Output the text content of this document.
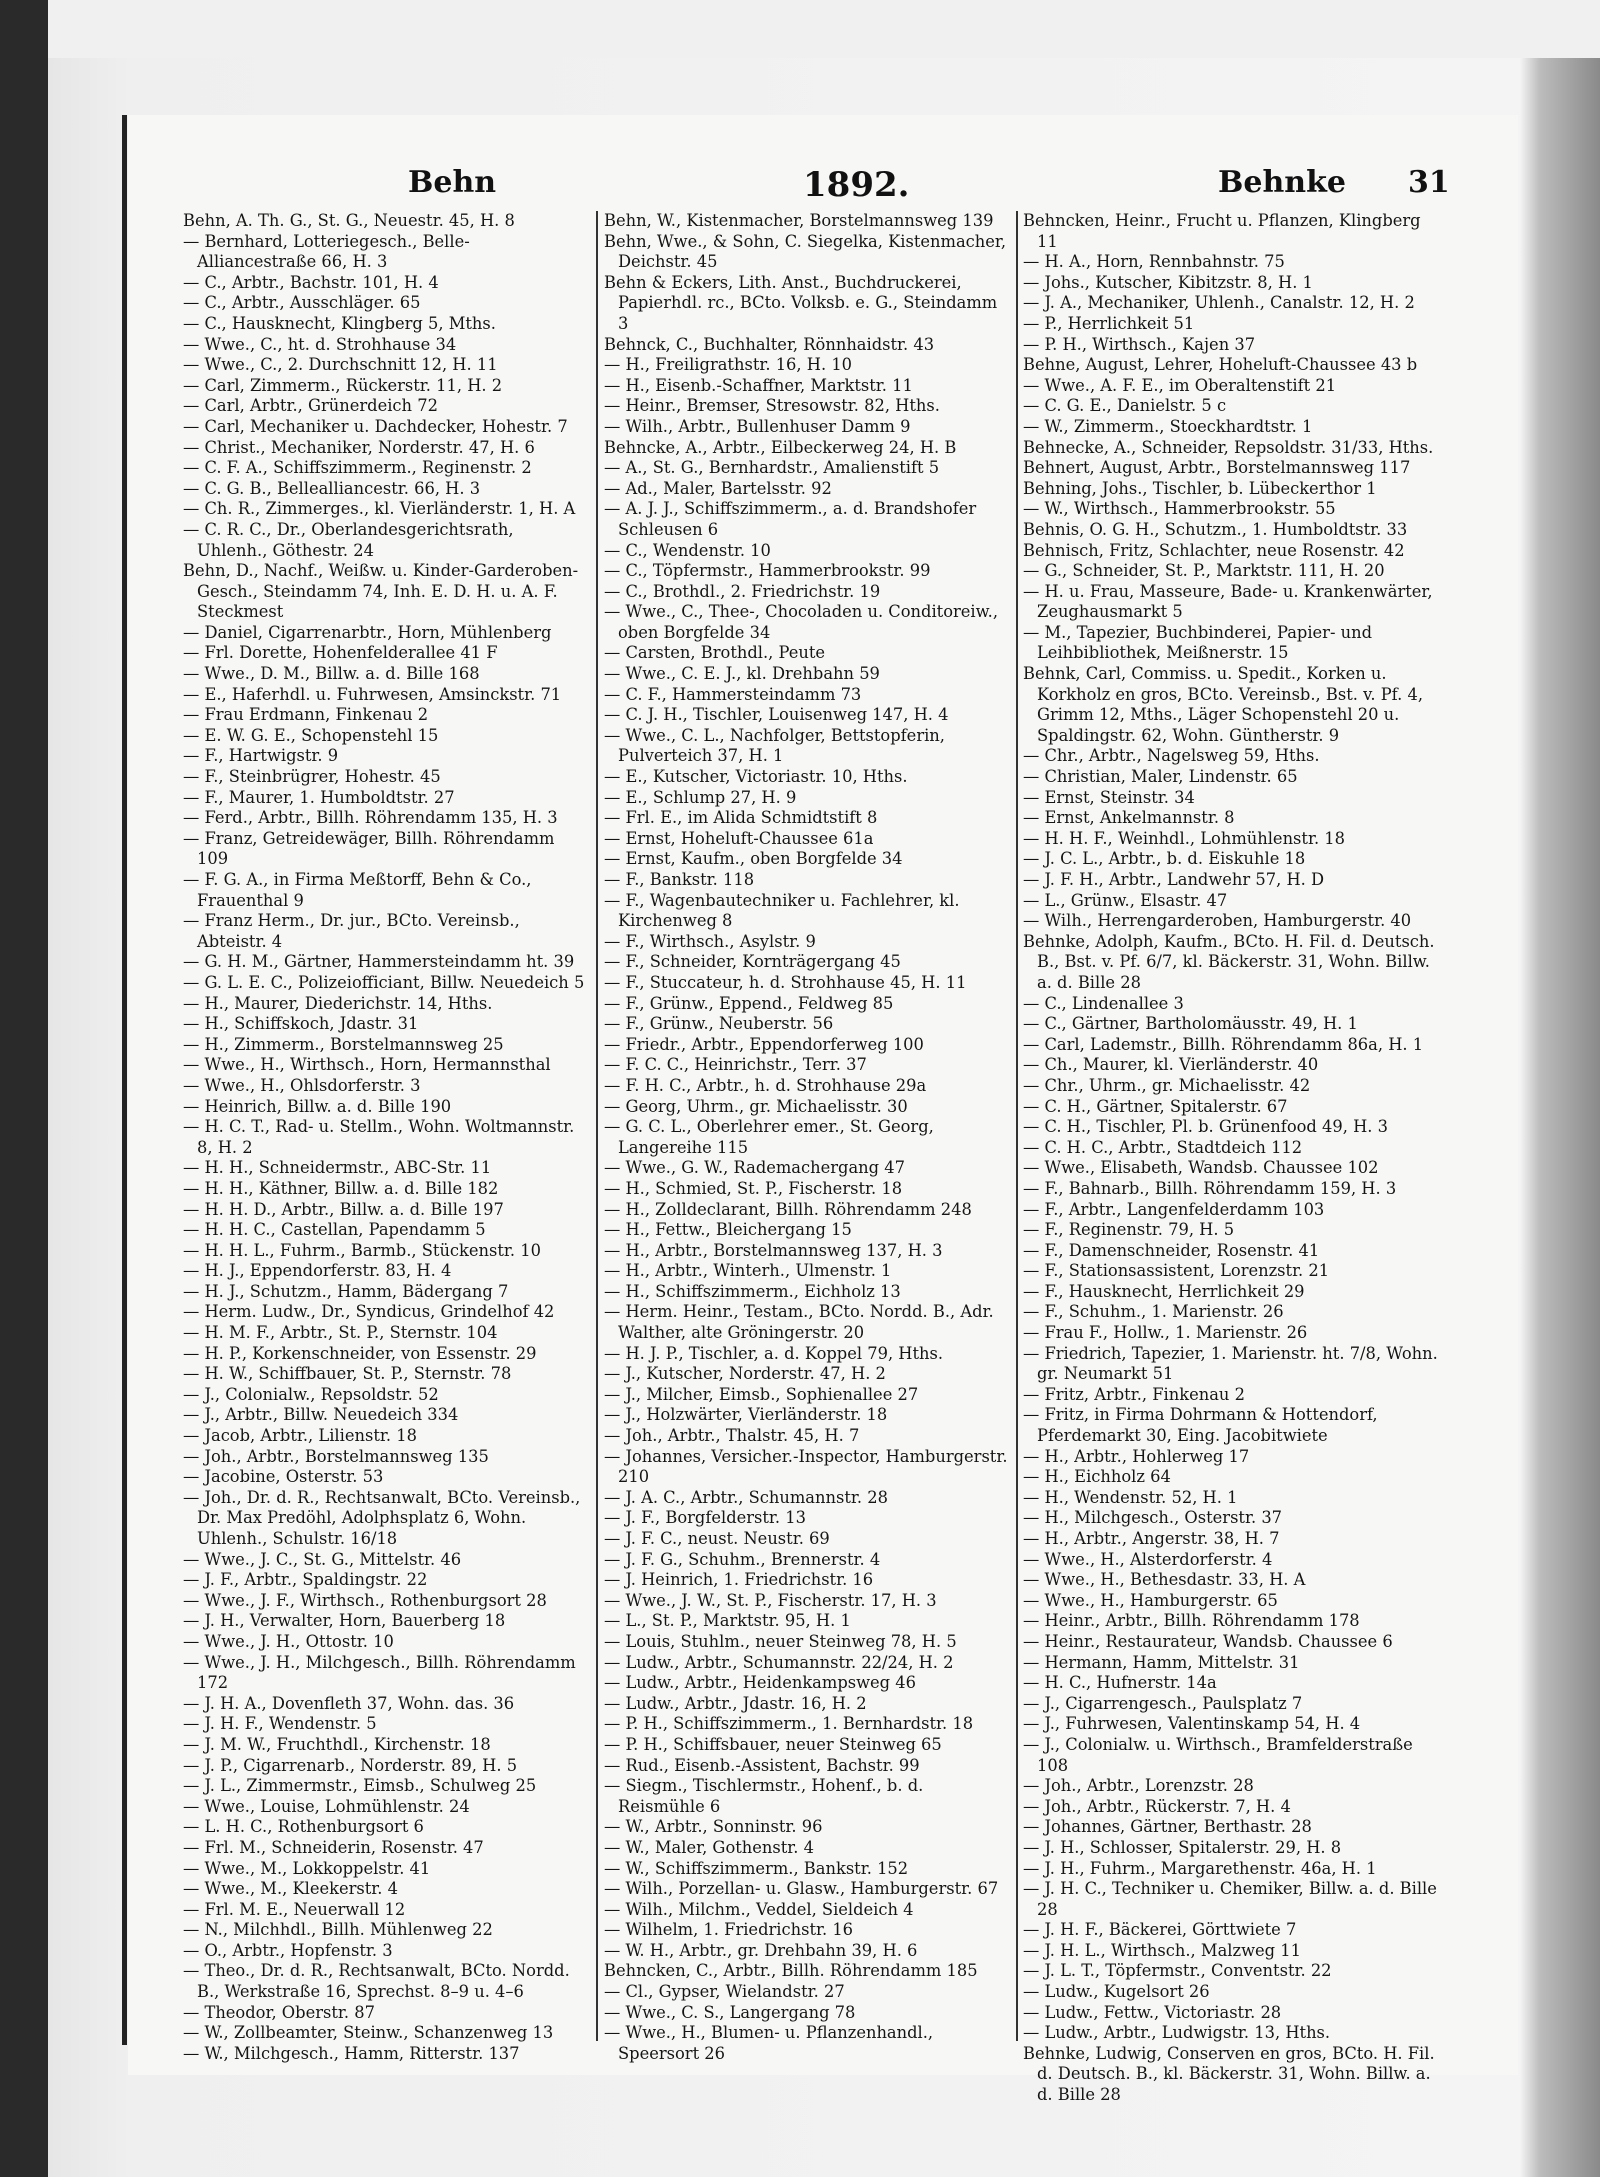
Behn	1892.	Behnke 31

Behn, A. Th. G., St. G., Neuestr. 45, H. 8

— Bernhard, Lotteriegesch., Belle-Alliancestraße 66, H. 3

— C., Arbtr., Bachstr. 101, H. 4

— C., Arbtr., Ausschläger. 65

— C., Hausknecht, Klingberg 5, Mths.

— Wwe., C., ht. d. Strohhause 34

— Wwe., C., 2. Durchschnitt 12, H. 11

— Carl, Zimmerm., Rückerstr. 11, H. 2

— Carl, Arbtr., Grünerdeich 72

— Carl, Mechaniker u. Dachdecker, Hohestr. 7

— Christ., Mechaniker, Norderstr. 47, H. 6

— C. F. A., Schiffszimmerm., Reginenstr. 2

— C. G. B., Bellealliancestr. 66, H. 3

— Ch. R., Zimmerges., kl. Vierländerstr. 1, H. A

— C. R. C., Dr., Oberlandesgerichtsrath, Uhlenh., Göthestr. 24

Behn, D., Nachf., Weißw. u. Kinder-Garderoben-Gesch., Steindamm 74, Inh. E. D. H. u. A. F. Steckmest

— Daniel, Cigarrenarbtr., Horn, Mühlenberg

— Frl. Dorette, Hohenfelderallee 41 F

— Wwe., D. M., Billw. a. d. Bille 168

— E., Haferhdl. u. Fuhrwesen, Amsinckstr. 71

— Frau Erdmann, Finkenau 2

— E. W. G. E., Schopenstehl 15

— F., Hartwigstr. 9

— F., Steinbrügrer, Hohestr. 45

— F., Maurer, 1. Humboldtstr. 27

— Ferd., Arbtr., Billh. Röhrendamm 135, H. 3

— Franz, Getreidewäger, Billh. Röhrendamm 109

— F. G. A., in Firma Meßtorff, Behn & Co., Frauenthal 9

— Franz Herm., Dr. jur., BCto. Vereinsb., Abteistr. 4

— G. H. M., Gärtner, Hammersteindamm ht. 39

— G. L. E. C., Polizeiofficiant, Billw. Neuedeich 5

— H., Maurer, Diederichstr. 14, Hths.

— H., Schiffskoch, Jdastr. 31

— H., Zimmerm., Borstelmannsweg 25

— Wwe., H., Wirthsch., Horn, Hermannsthal

— Wwe., H., Ohlsdorferstr. 3

— Heinrich, Billw. a. d. Bille 190

— H. C. T., Rad- u. Stellm., Wohn. Woltmannstr. 8, H. 2

— H. H., Schneidermstr., ABC-Str. 11

— H. H., Käthner, Billw. a. d. Bille 182

— H. H. D., Arbtr., Billw. a. d. Bille 197

— H. H. C., Castellan, Papendamm 5

— H. H. L., Fuhrm., Barmb., Stückenstr. 10

— H. J., Eppendorferstr. 83, H. 4

— H. J., Schutzm., Hamm, Bädergang 7

— Herm. Ludw., Dr., Syndicus, Grindelhof 42

— H. M. F., Arbtr., St. P., Sternstr. 104

— H. P., Korkenschneider, von Essenstr. 29

— H. W., Schiffbauer, St. P., Sternstr. 78

— J., Colonialw., Repsoldstr. 52

— J., Arbtr., Billw. Neuedeich 334

— Jacob, Arbtr., Lilienstr. 18

— Joh., Arbtr., Borstelmannsweg 135

— Jacobine, Osterstr. 53

— Joh., Dr. d. R., Rechtsanwalt, BCto. Vereinsb., Dr. Max Predöhl, Adolphsplatz 6, Wohn. Uhlenh., Schulstr. 16/18

— Wwe., J. C., St. G., Mittelstr. 46

— J. F., Arbtr., Spaldingstr. 22

— Wwe., J. F., Wirthsch., Rothenburgsort 28

— J. H., Verwalter, Horn, Bauerberg 18

— Wwe., J. H., Ottostr. 10

— Wwe., J. H., Milchgesch., Billh. Röhrendamm 172

— J. H. A., Dovenfleth 37, Wohn. das. 36

— J. H. F., Wendenstr. 5

— J. M. W., Fruchthdl., Kirchenstr. 18

— J. P., Cigarrenarb., Norderstr. 89, H. 5

— J. L., Zimmermstr., Eimsb., Schulweg 25

— Wwe., Louise, Lohmühlenstr. 24

— L. H. C., Rothenburgsort 6

— Frl. M., Schneiderin, Rosenstr. 47

— Wwe., M., Lokkoppelstr. 41

— Wwe., M., Kleekerstr. 4

— Frl. M. E., Neuerwall 12

— N., Milchhdl., Billh. Mühlenweg 22

— O., Arbtr., Hopfenstr. 3

— Theo., Dr. d. R., Rechtsanwalt, BCto. Nordd. B., Werkstraße 16, Sprechst. 8–9 u. 4–6

— Theodor, Oberstr. 87

— W., Zollbeamter, Steinw., Schanzenweg 13

— W., Milchgesch., Hamm, Ritterstr. 137

Behn, W., Kistenmacher, Borstelmannsweg 139

Behn, Wwe., & Sohn, C. Siegelka, Kistenmacher, Deichstr. 45

Behn & Eckers, Lith. Anst., Buchdruckerei, Papierhdl. rc., BCto. Volksb. e. G., Steindamm 3

Behnck, C., Buchhalter, Rönnhaidstr. 43

— H., Freiligrathstr. 16, H. 10

— H., Eisenb.-Schaffner, Marktstr. 11

— Heinr., Bremser, Stresowstr. 82, Hths.

— Wilh., Arbtr., Bullenhuser Damm 9

Behncke, A., Arbtr., Eilbeckerweg 24, H. B

— A., St. G., Bernhardstr., Amalienstift 5

— Ad., Maler, Bartelsstr. 92

— A. J. J., Schiffszimmerm., a. d. Brandshofer Schleusen 6

— C., Wendenstr. 10

— C., Töpfermstr., Hammerbrookstr. 99

— C., Brothdl., 2. Friedrichstr. 19

— Wwe., C., Thee-, Chocoladen u. Conditoreiw., oben Borgfelde 34

— Carsten, Brothdl., Peute

— Wwe., C. E. J., kl. Drehbahn 59

— C. F., Hammersteindamm 73

— C. J. H., Tischler, Louisenweg 147, H. 4

— Wwe., C. L., Nachfolger, Bettstopferin, Pulverteich 37, H. 1

— E., Kutscher, Victoriastr. 10, Hths.

— E., Schlump 27, H. 9

— Frl. E., im Alida Schmidtstift 8

— Ernst, Hoheluft-Chaussee 61a

— Ernst, Kaufm., oben Borgfelde 34

— F., Bankstr. 118

— F., Wagenbautechniker u. Fachlehrer, kl. Kirchenweg 8

— F., Wirthsch., Asylstr. 9

— F., Schneider, Kornträgergang 45

— F., Stuccateur, h. d. Strohhause 45, H. 11

— F., Grünw., Eppend., Feldweg 85

— F., Grünw., Neuberstr. 56

— Friedr., Arbtr., Eppendorferweg 100

— F. C. C., Heinrichstr., Terr. 37

— F. H. C., Arbtr., h. d. Strohhause 29a

— Georg, Uhrm., gr. Michaelisstr. 30

— G. C. L., Oberlehrer emer., St. Georg, Langereihe 115

— Wwe., G. W., Rademachergang 47

— H., Schmied, St. P., Fischerstr. 18

— H., Zolldeclarant, Billh. Röhrendamm 248

— H., Fettw., Bleichergang 15

— H., Arbtr., Borstelmannsweg 137, H. 3

— H., Arbtr., Winterh., Ulmenstr. 1

— H., Schiffszimmerm., Eichholz 13

— Herm. Heinr., Testam., BCto. Nordd. B., Adr. Walther, alte Gröningerstr. 20

— H. J. P., Tischler, a. d. Koppel 79, Hths.

— J., Kutscher, Norderstr. 47, H. 2

— J., Milcher, Eimsb., Sophienallee 27

— J., Holzwärter, Vierländerstr. 18

— Joh., Arbtr., Thalstr. 45, H. 7

— Johannes, Versicher.-Inspector, Hamburgerstr. 210

— J. A. C., Arbtr., Schumannstr. 28

— J. F., Borgfelderstr. 13

— J. F. C., neust. Neustr. 69

— J. F. G., Schuhm., Brennerstr. 4

— J. Heinrich, 1. Friedrichstr. 16

— Wwe., J. W., St. P., Fischerstr. 17, H. 3

— L., St. P., Marktstr. 95, H. 1

— Louis, Stuhlm., neuer Steinweg 78, H. 5

— Ludw., Arbtr., Schumannstr. 22/24, H. 2

— Ludw., Arbtr., Heidenkampsweg 46

— Ludw., Arbtr., Jdastr. 16, H. 2

— P. H., Schiffszimmerm., 1. Bernhardstr. 18

— P. H., Schiffsbauer, neuer Steinweg 65

— Rud., Eisenb.-Assistent, Bachstr. 99

— Siegm., Tischlermstr., Hohenf., b. d. Reismühle 6

— W., Arbtr., Sonninstr. 96

— W., Maler, Gothenstr. 4

— W., Schiffszimmerm., Bankstr. 152

— Wilh., Porzellan- u. Glasw., Hamburgerstr. 67

— Wilh., Milchm., Veddel, Sieldeich 4

— Wilhelm, 1. Friedrichstr. 16

— W. H., Arbtr., gr. Drehbahn 39, H. 6

Behncken, C., Arbtr., Billh. Röhrendamm 185

— Cl., Gypser, Wielandstr. 27

— Wwe., C. S., Langergang 78

— Wwe., H., Blumen- u. Pflanzenhandl., Speersort 26

Behncken, Heinr., Frucht u. Pflanzen, Klingberg 11

— H. A., Horn, Rennbahnstr. 75

— Johs., Kutscher, Kibitzstr. 8, H. 1

— J. A., Mechaniker, Uhlenh., Canalstr. 12, H. 2

— P., Herrlichkeit 51

— P. H., Wirthsch., Kajen 37

Behne, August, Lehrer, Hoheluft-Chaussee 43 b

— Wwe., A. F. E., im Oberaltenstift 21

— C. G. E., Danielstr. 5 c

— W., Zimmerm., Stoeckhardtstr. 1

Behnecke, A., Schneider, Repsoldstr. 31/33, Hths.

Behnert, August, Arbtr., Borstelmannsweg 117

Behning, Johs., Tischler, b. Lübeckerthor 1

— W., Wirthsch., Hammerbrookstr. 55

Behnis, O. G. H., Schutzm., 1. Humboldtstr. 33

Behnisch, Fritz, Schlachter, neue Rosenstr. 42

— G., Schneider, St. P., Marktstr. 111, H. 20

— H. u. Frau, Masseure, Bade- u. Krankenwärter, Zeughausmarkt 5

— M., Tapezier, Buchbinderei, Papier- und Leihbibliothek, Meißnerstr. 15

Behnk, Carl, Commiss. u. Spedit., Korken u. Korkholz en gros, BCto. Vereinsb., Bst. v. Pf. 4, Grimm 12, Mths., Läger Schopenstehl 20 u. Spaldingstr. 62, Wohn. Güntherstr. 9

— Chr., Arbtr., Nagelsweg 59, Hths.

— Christian, Maler, Lindenstr. 65

— Ernst, Steinstr. 34

— Ernst, Ankelmannstr. 8

— H. H. F., Weinhdl., Lohmühlenstr. 18

— J. C. L., Arbtr., b. d. Eiskuhle 18

— J. F. H., Arbtr., Landwehr 57, H. D

— L., Grünw., Elsastr. 47

— Wilh., Herrengarderoben, Hamburgerstr. 40

Behnke, Adolph, Kaufm., BCto. H. Fil. d. Deutsch. B., Bst. v. Pf. 6/7, kl. Bäckerstr. 31, Wohn. Billw. a. d. Bille 28

— C., Lindenallee 3

— C., Gärtner, Bartholomäusstr. 49, H. 1

— Carl, Lademstr., Billh. Röhrendamm 86a, H. 1

— Ch., Maurer, kl. Vierländerstr. 40

— Chr., Uhrm., gr. Michaelisstr. 42

— C. H., Gärtner, Spitalerstr. 67

— C. H., Tischler, Pl. b. Grünenfood 49, H. 3

— C. H. C., Arbtr., Stadtdeich 112

— Wwe., Elisabeth, Wandsb. Chaussee 102

— F., Bahnarb., Billh. Röhrendamm 159, H. 3

— F., Arbtr., Langenfelderdamm 103

— F., Reginenstr. 79, H. 5

— F., Damenschneider, Rosenstr. 41

— F., Stationsassistent, Lorenzstr. 21

— F., Hausknecht, Herrlichkeit 29

— F., Schuhm., 1. Marienstr. 26

— Frau F., Hollw., 1. Marienstr. 26

— Friedrich, Tapezier, 1. Marienstr. ht. 7/8, Wohn. gr. Neumarkt 51

— Fritz, Arbtr., Finkenau 2

— Fritz, in Firma Dohrmann & Hottendorf, Pferdemarkt 30, Eing. Jacobitwiete

— H., Arbtr., Hohlerweg 17

— H., Eichholz 64

— H., Wendenstr. 52, H. 1

— H., Milchgesch., Osterstr. 37

— H., Arbtr., Angerstr. 38, H. 7

— Wwe., H., Alsterdorferstr. 4

— Wwe., H., Bethesdastr. 33, H. A

— Wwe., H., Hamburgerstr. 65

— Heinr., Arbtr., Billh. Röhrendamm 178

— Heinr., Restaurateur, Wandsb. Chaussee 6

— Hermann, Hamm, Mittelstr. 31

— H. C., Hufnerstr. 14a

— J., Cigarrengesch., Paulsplatz 7

— J., Fuhrwesen, Valentinskamp 54, H. 4

— J., Colonialw. u. Wirthsch., Bramfelderstraße 108

— Joh., Arbtr., Lorenzstr. 28

— Joh., Arbtr., Rückerstr. 7, H. 4

— Johannes, Gärtner, Berthastr. 28

— J. H., Schlosser, Spitalerstr. 29, H. 8

— J. H., Fuhrm., Margarethenstr. 46a, H. 1

— J. H. C., Techniker u. Chemiker, Billw. a. d. Bille 28

— J. H. F., Bäckerei, Görttwiete 7

— J. H. L., Wirthsch., Malzweg 11

— J. L. T., Töpfermstr., Conventstr. 22

— Ludw., Kugelsort 26

— Ludw., Fettw., Victoriastr. 28

— Ludw., Arbtr., Ludwigstr. 13, Hths.

Behnke, Ludwig, Conserven en gros, BCto. H. Fil. d. Deutsch. B., kl. Bäckerstr. 31, Wohn. Billw. a. d. Bille 28
